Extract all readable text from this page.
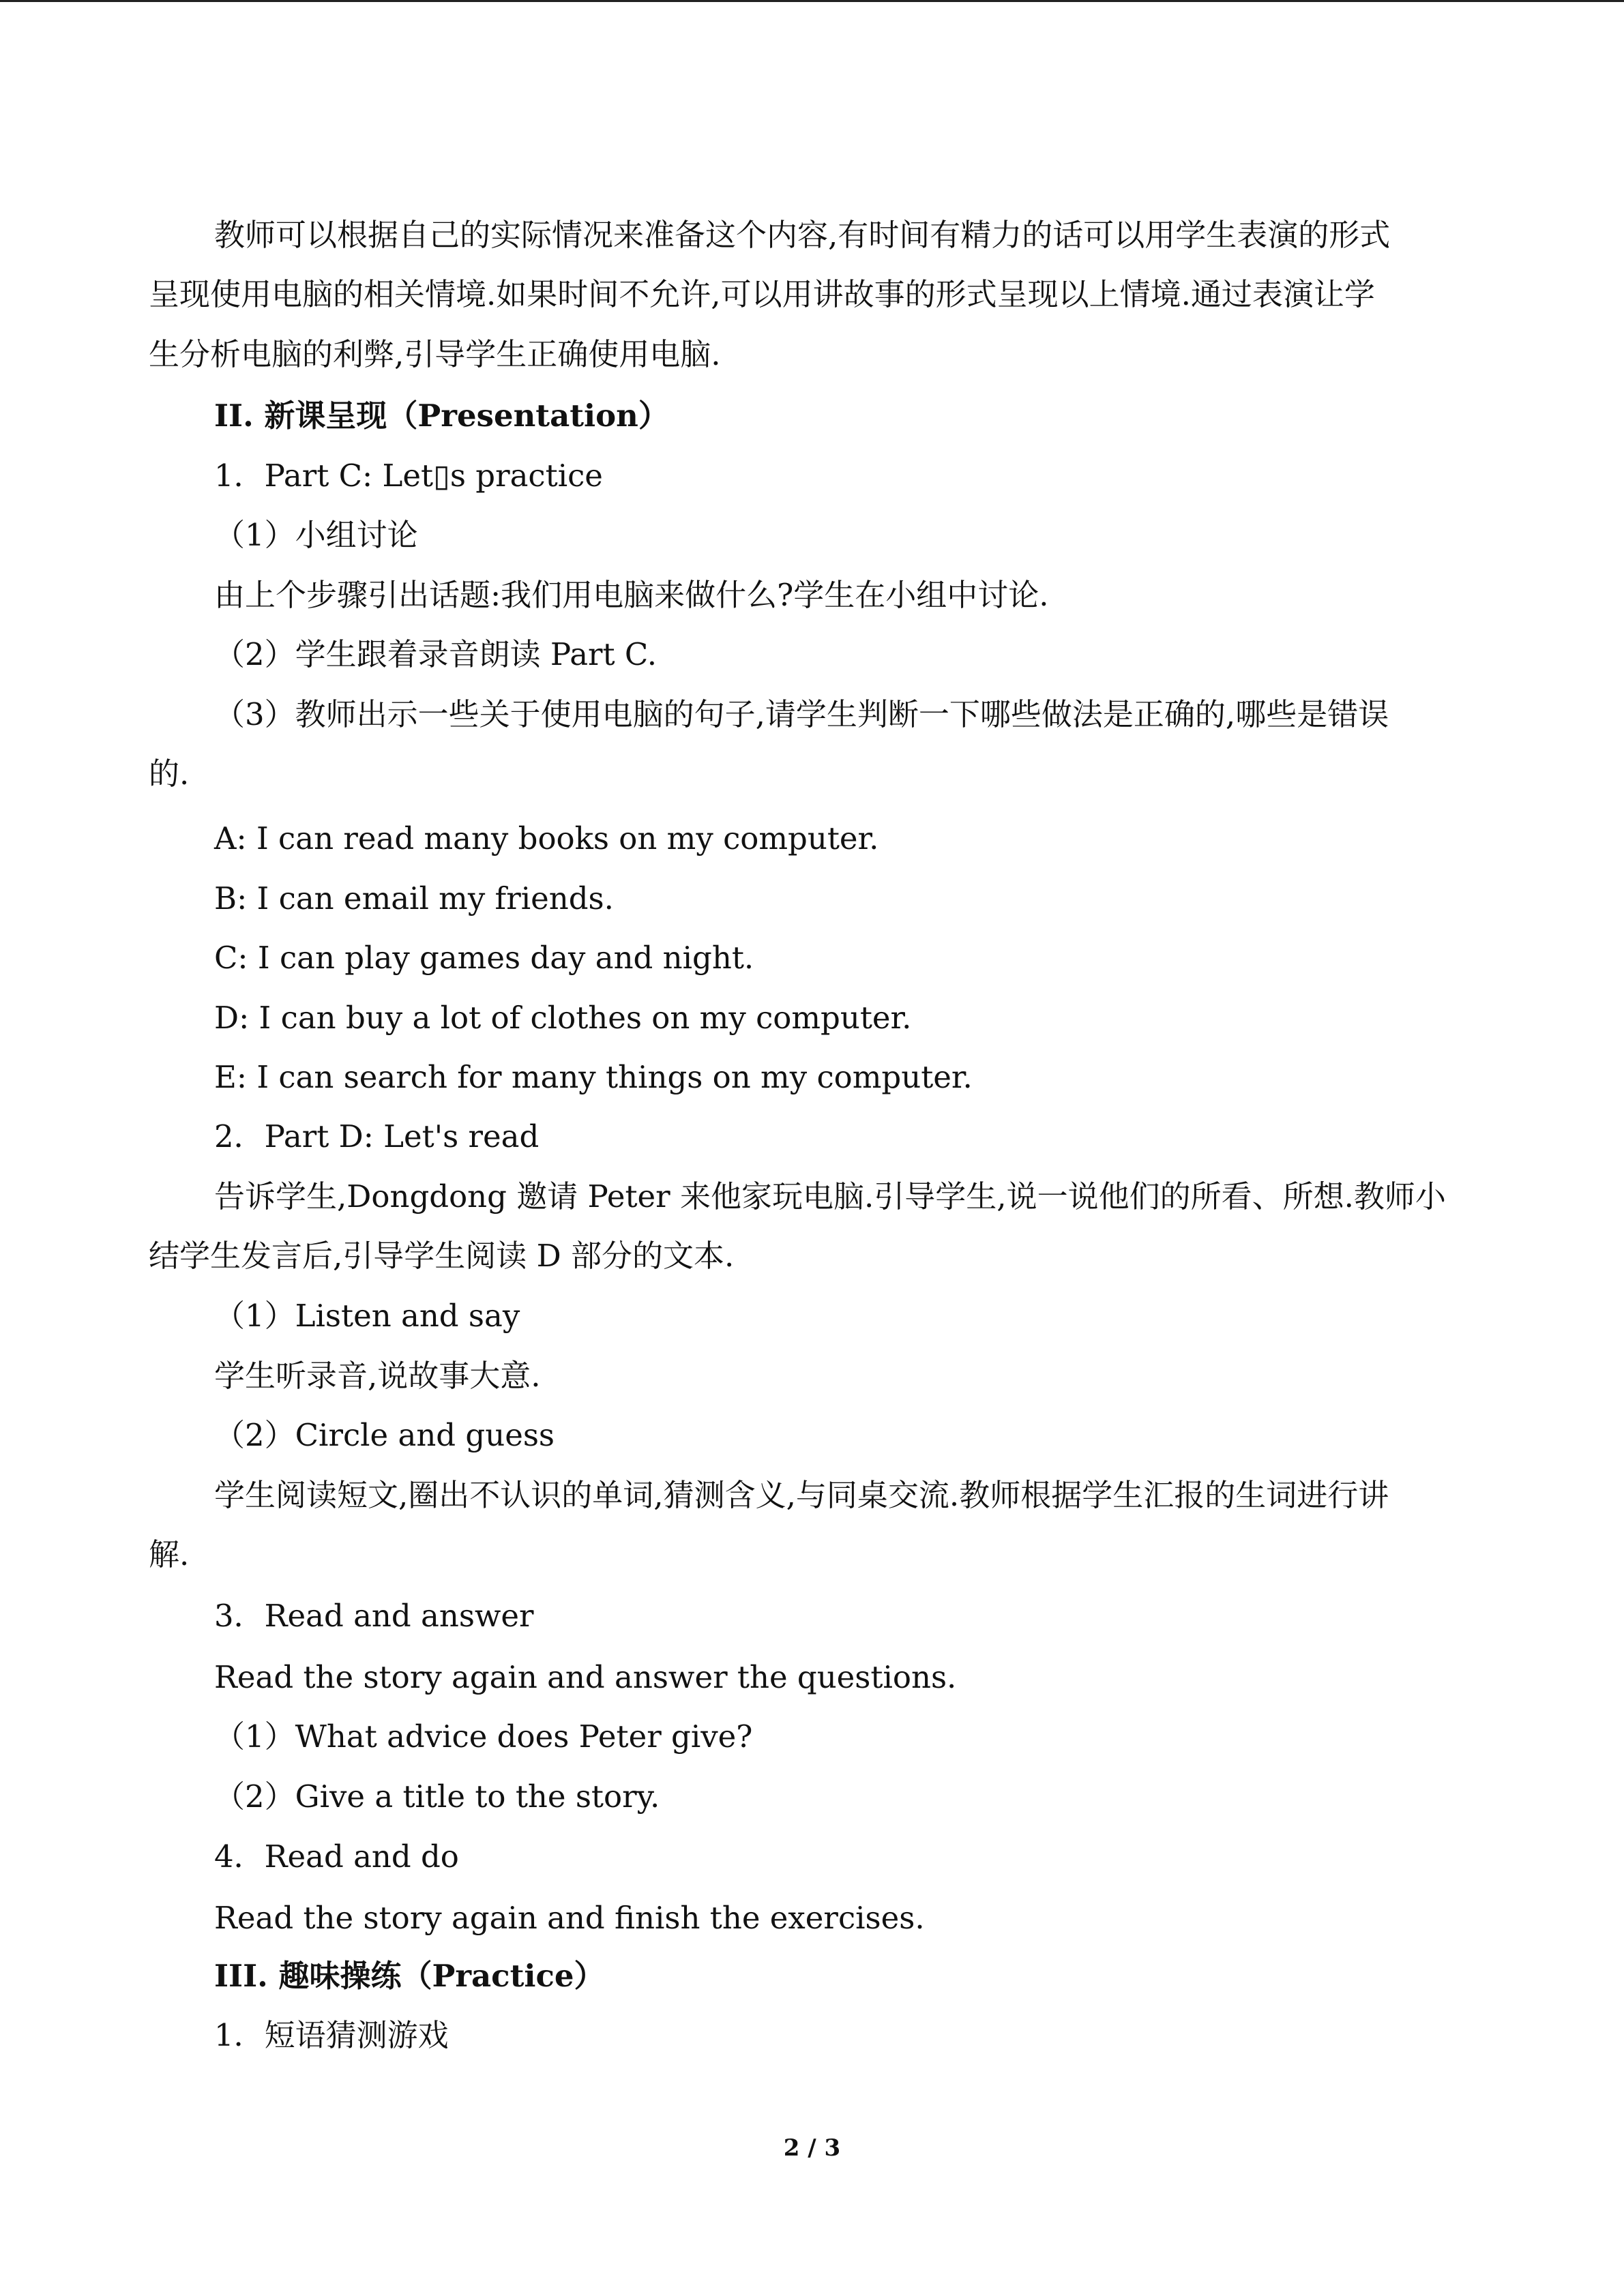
教师可以根据自己的实际情况来准备这个内容,有时间有精力的话可以用学生表演的形式
呈现使用电脑的相关情境.如果时间不允许,可以用讲故事的形式呈现以上情境.通过表演让学
生分析电脑的利弊,引导学生正确使用电脑.
II. 新课呈现（Presentation）
1．Part C: Let▯s practice
（1）小组讨论
由上个步骤引出话题:我们用电脑来做什么?学生在小组中讨论.
（2）学生跟着录音朗读 Part C.
（3）教师出示一些关于使用电脑的句子,请学生判断一下哪些做法是正确的,哪些是错误
的.
A: I can read many books on my computer.
B: I can email my friends.
C: I can play games day and night.
D: I can buy a lot of clothes on my computer.
E: I can search for many things on my computer.
2．Part D: Let's read
告诉学生,Dongdong 邀请 Peter 来他家玩电脑.引导学生,说一说他们的所看、所想.教师小
结学生发言后,引导学生阅读 D 部分的文本.
（1）Listen and say
学生听录音,说故事大意.
（2）Circle and guess
学生阅读短文,圈出不认识的单词,猜测含义,与同桌交流.教师根据学生汇报的生词进行讲
解.
3．Read and answer
Read the story again and answer the questions.
（1）What advice does Peter give?
（2）Give a title to the story.
4．Read and do
Read the story again and finish the exercises.
III. 趣味操练（Practice）
1．短语猜测游戏
2 / 3
